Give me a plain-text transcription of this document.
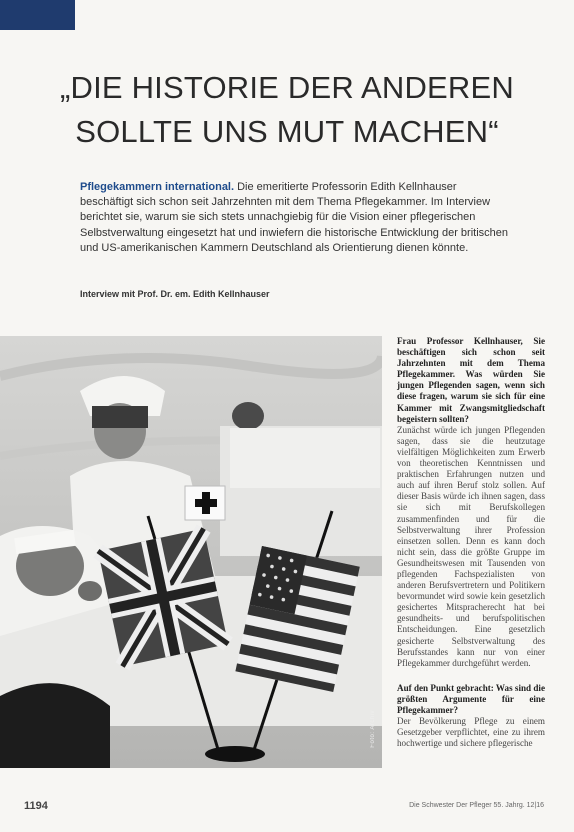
„DIE HISTORIE DER ANDEREN
SOLLTE UNS MUT MACHEN“

Pflegekammern international. Die emeritierte Professorin Edith Kellnhauser beschäftigt sich schon seit Jahrzehnten mit dem Thema Pflegekammer. Im Interview berichtet sie, warum sie sich stets unnachgiebig für die Vision einer pflegerischen Selbstverwaltung eingesetzt hat und inwiefern die historische Entwicklung der britischen und US-amerikanischen Kammern Deutschland als Orientierung dienen könnte.

Interview mit Prof. Dr. em. Edith Kellnhauser

Foto: Archiv

Frau Professor Kellnhauser, Sie beschäftigen sich schon seit Jahrzehnten mit dem Thema Pflegekammer. Was würden Sie jungen Pflegenden sagen, wenn sich diese fragen, warum sie sich für eine Kammer mit Zwangsmitgliedschaft begeistern sollten?

Zunächst würde ich jungen Pflegenden sagen, dass sie die heutzutage vielfältigen Möglichkeiten zum Erwerb von theoretischen Kenntnissen und praktischen Erfahrungen nutzen und auch auf ihren Beruf stolz sollen. Auf dieser Basis würde ich ihnen sagen, dass sie sich mit Berufskollegen zusammenfinden und für die Selbstverwaltung ihrer Profession einsetzen sollen. Denn es kann doch nicht sein, dass die größte Gruppe im Gesundheitswesen mit Tausenden von pflegenden Fachspezialisten von anderen Berufsvertretern und Politikern bevormundet wird sowie kein gesetzlich gesichertes Mitspracherecht hat bei gesundheits- und berufspolitischen Entscheidungen. Eine gesetzlich gesicherte Selbstverwaltung des Berufsstandes kann nur von einer Pflegekammer durchgeführt werden.

Auf den Punkt gebracht: Was sind die größten Argumente für eine Pflegekammer?

Der Bevölkerung Pflege zu einem Gesetzgeber verpflichtet, eine zu ihrem hochwertige und sichere pflegerische

1194	Die Schwester Der Pfleger 55. Jahrg. 12|16
